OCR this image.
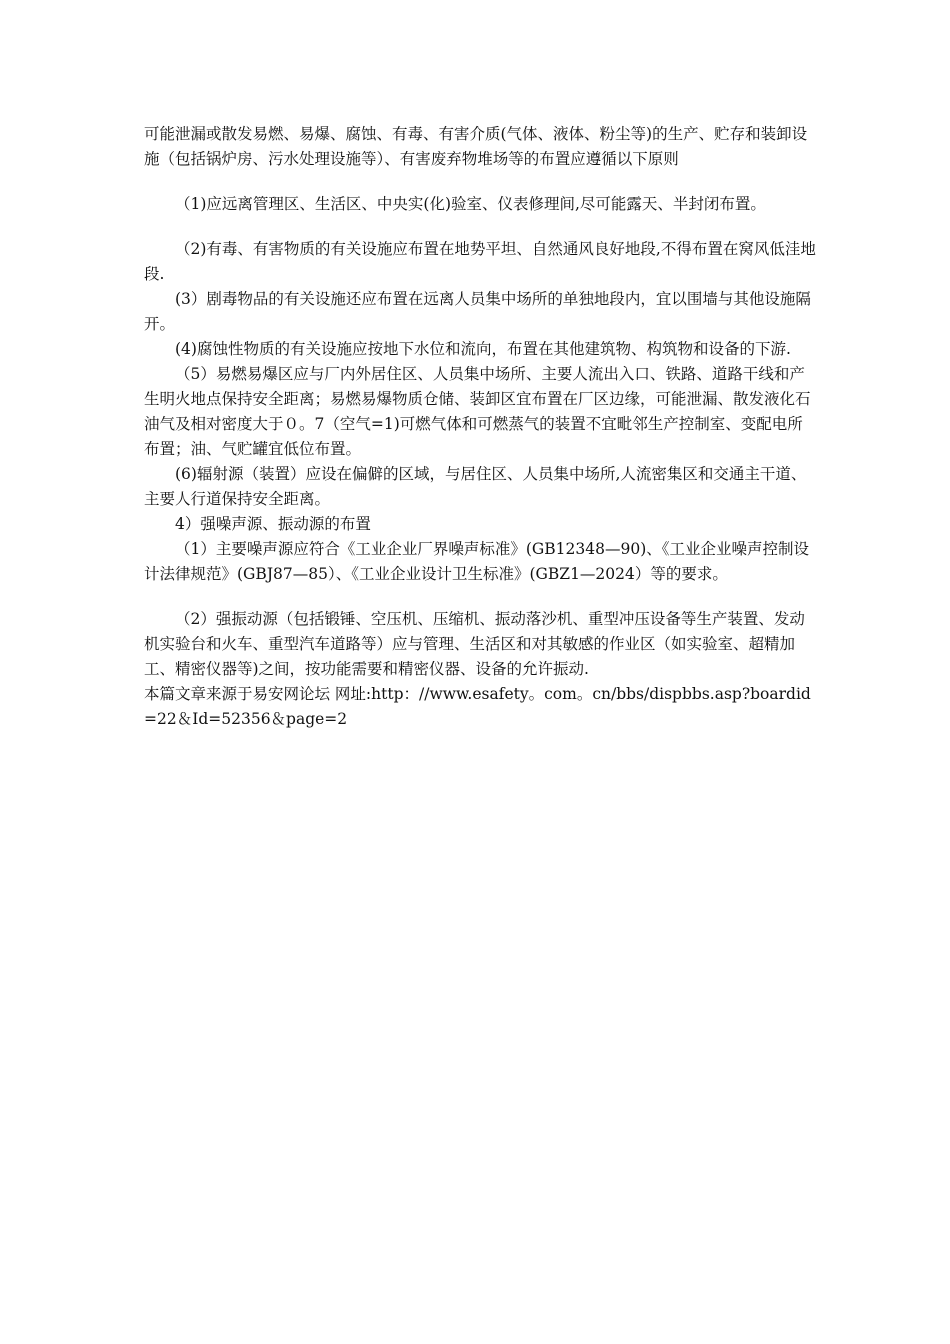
可能泄漏或散发易燃、易爆、腐蚀、有毒、有害介质(气体、液体、粉尘等)的生产、贮存和装卸设施（包括锅炉房、污水处理设施等）、有害废弃物堆场等的布置应遵循以下原则

（1)应远离管理区、生活区、中央实(化)验室、仪表修理间,尽可能露天、半封闭布置。

（2)有毒、有害物质的有关设施应布置在地势平坦、自然通风良好地段,不得布置在窝风低洼地段.

(3）剧毒物品的有关设施还应布置在远离人员集中场所的单独地段内，宜以围墙与其他设施隔开。

(4)腐蚀性物质的有关设施应按地下水位和流向，布置在其他建筑物、构筑物和设备的下游.

（5）易燃易爆区应与厂内外居住区、人员集中场所、主要人流出入口、铁路、道路干线和产生明火地点保持安全距离；易燃易爆物质仓储、装卸区宜布置在厂区边缘，可能泄漏、散发液化石油气及相对密度大于０。7（空气=1)可燃气体和可燃蒸气的装置不宜毗邻生产控制室、变配电所布置；油、气贮罐宜低位布置。

(6)辐射源（装置）应设在偏僻的区域，与居住区、人员集中场所,人流密集区和交通主干道、主要人行道保持安全距离。

4）强噪声源、振动源的布置

（1）主要噪声源应符合《工业企业厂界噪声标准》(GB12348—90)、《工业企业噪声控制设计法律规范》(GBJ87—85）、《工业企业设计卫生标准》(GBZ1—2024）等的要求。

（2）强振动源（包括锻锤、空压机、压缩机、振动落沙机、重型冲压设备等生产装置、发动机实验台和火车、重型汽车道路等）应与管理、生活区和对其敏感的作业区（如实验室、超精加工、精密仪器等)之间，按功能需要和精密仪器、设备的允许振动.

本篇文章来源于易安网论坛 网址:http：//www.esafety。com。cn/bbs/dispbbs.asp?boardid=22＆Id=52356＆page=2
